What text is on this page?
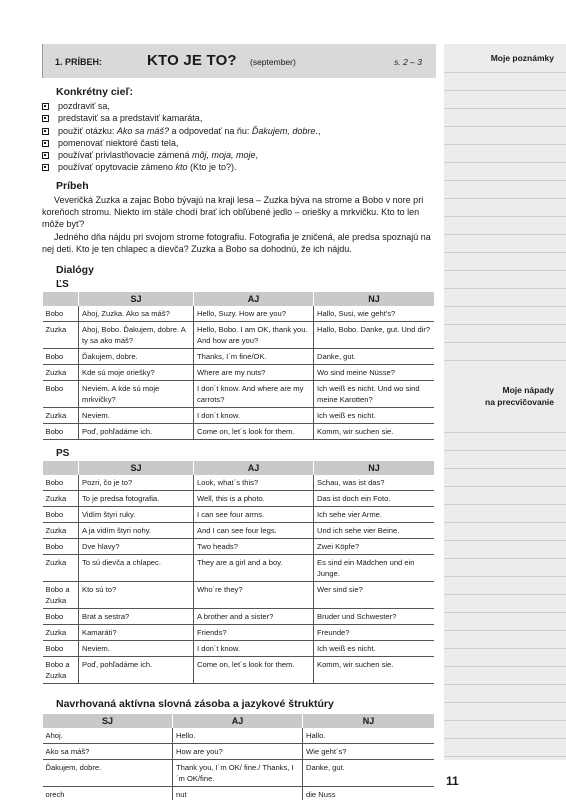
Moje poznámky
Moje nápady
na precvičovanie
1. PRÍBEH:	KTO JE TO? (september)	s. 2 – 3
Konkrétny cieľ:
pozdraviť sa,
predstaviť sa a predstaviť kamaráta,
použiť otázku: Ako sa máš? a odpovedať na ňu: Ďakujem, dobre.,
pomenovať niektoré časti tela,
používať privlastňovacie zámená môj, moja, moje,
používať opytovacie zámeno kto (Kto je to?).
Príbeh

Veveričká Zuzka a zajac Bobo bývajú na kraji lesa – Zuzka býva na strome a Bobo v nore pri koreňoch stromu. Niekto im stále chodí brať ich obľúbené jedlo – oriešky a mrkvičku. Kto to len môže byť?

Jedného dňa nájdu pri svojom strome fotografiu. Fotografia je zničená, ale predsa spoznajú na nej deti. Kto je ten chlapec a dievča? Zuzka a Bobo sa dohodnú, že ich nájdu.

Dialógy
ĽS
	SJ	AJ	NJ
Bobo	Ahoj, Zuzka. Ako sa máš?	Hello, Suzy. How are you?	Hallo, Susi, wie geht's?
Zuzka	Ahoj, Bobo. Ďakujem, dobre. A ty sa ako máš?	Hello, Bobo. I am OK, thank you. And how are you?	Hallo, Bobo. Danke, gut. Und dir?
Bobo	Ďakujem, dobre.	Thanks, I´m fine/OK.	Danke, gut.
Zuzka	Kde sú moje oriešky?	Where are my nuts?	Wo sind meine Nüsse?
Bobo	Neviem. A kde sú moje mrkvičky?	I don´t know. And where are my carrots?	Ich weiß es nicht. Und wo sind meine Karotten?
Zuzka	Neviem.	I don´t know.	Ich weiß es nicht.
Bobo	Poď, pohľadáme ich.	Come on, let´s look for them.	Komm, wir suchen sie.
PS
	SJ	AJ	NJ
Bobo	Pozri, čo je to?	Look, what´s this?	Schau, was ist das?
Zuzka	To je predsa fotografia.	Well, this is a photo.	Das ist doch ein Foto.
Bobo	Vidím štyri ruky.	I can see four arms.	Ich sehe vier Arme.
Zuzka	A ja vidím štyri nohy.	And I can see four legs.	Und ich sehe vier Beine.
Bobo	Dve hlavy?	Two heads?	Zwei Köpfe?
Zuzka	To sú dievča a chlapec.	They are a girl and a boy.	Es sind ein Mädchen und ein Junge.
Bobo a Zuzka	Kto sú to?	Who´re they?	Wer sind sie?
Bobo	Brat a sestra?	A brother and a sister?	Bruder und Schwester?
Zuzka	Kamaráti?	Friends?	Freunde?
Bobo	Neviem.	I don´t know.	Ich weiß es nicht.
Bobo a Zuzka	Poď, pohľadáme ich.	Come on, let´s look for them.	Komm, wir suchen sie.
Navrhovaná aktívna slovná zásoba a jazykové štruktúry
SJ	AJ	NJ
Ahoj.	Hello.	Hallo.
Ako sa máš?	How are you?	Wie geht´s?
Ďakujem, dobre.	Thank you, I´m OK/ fine./ Thanks, I´m OK/fine.	Danke, gut.
orech	nut	die Nuss
11
